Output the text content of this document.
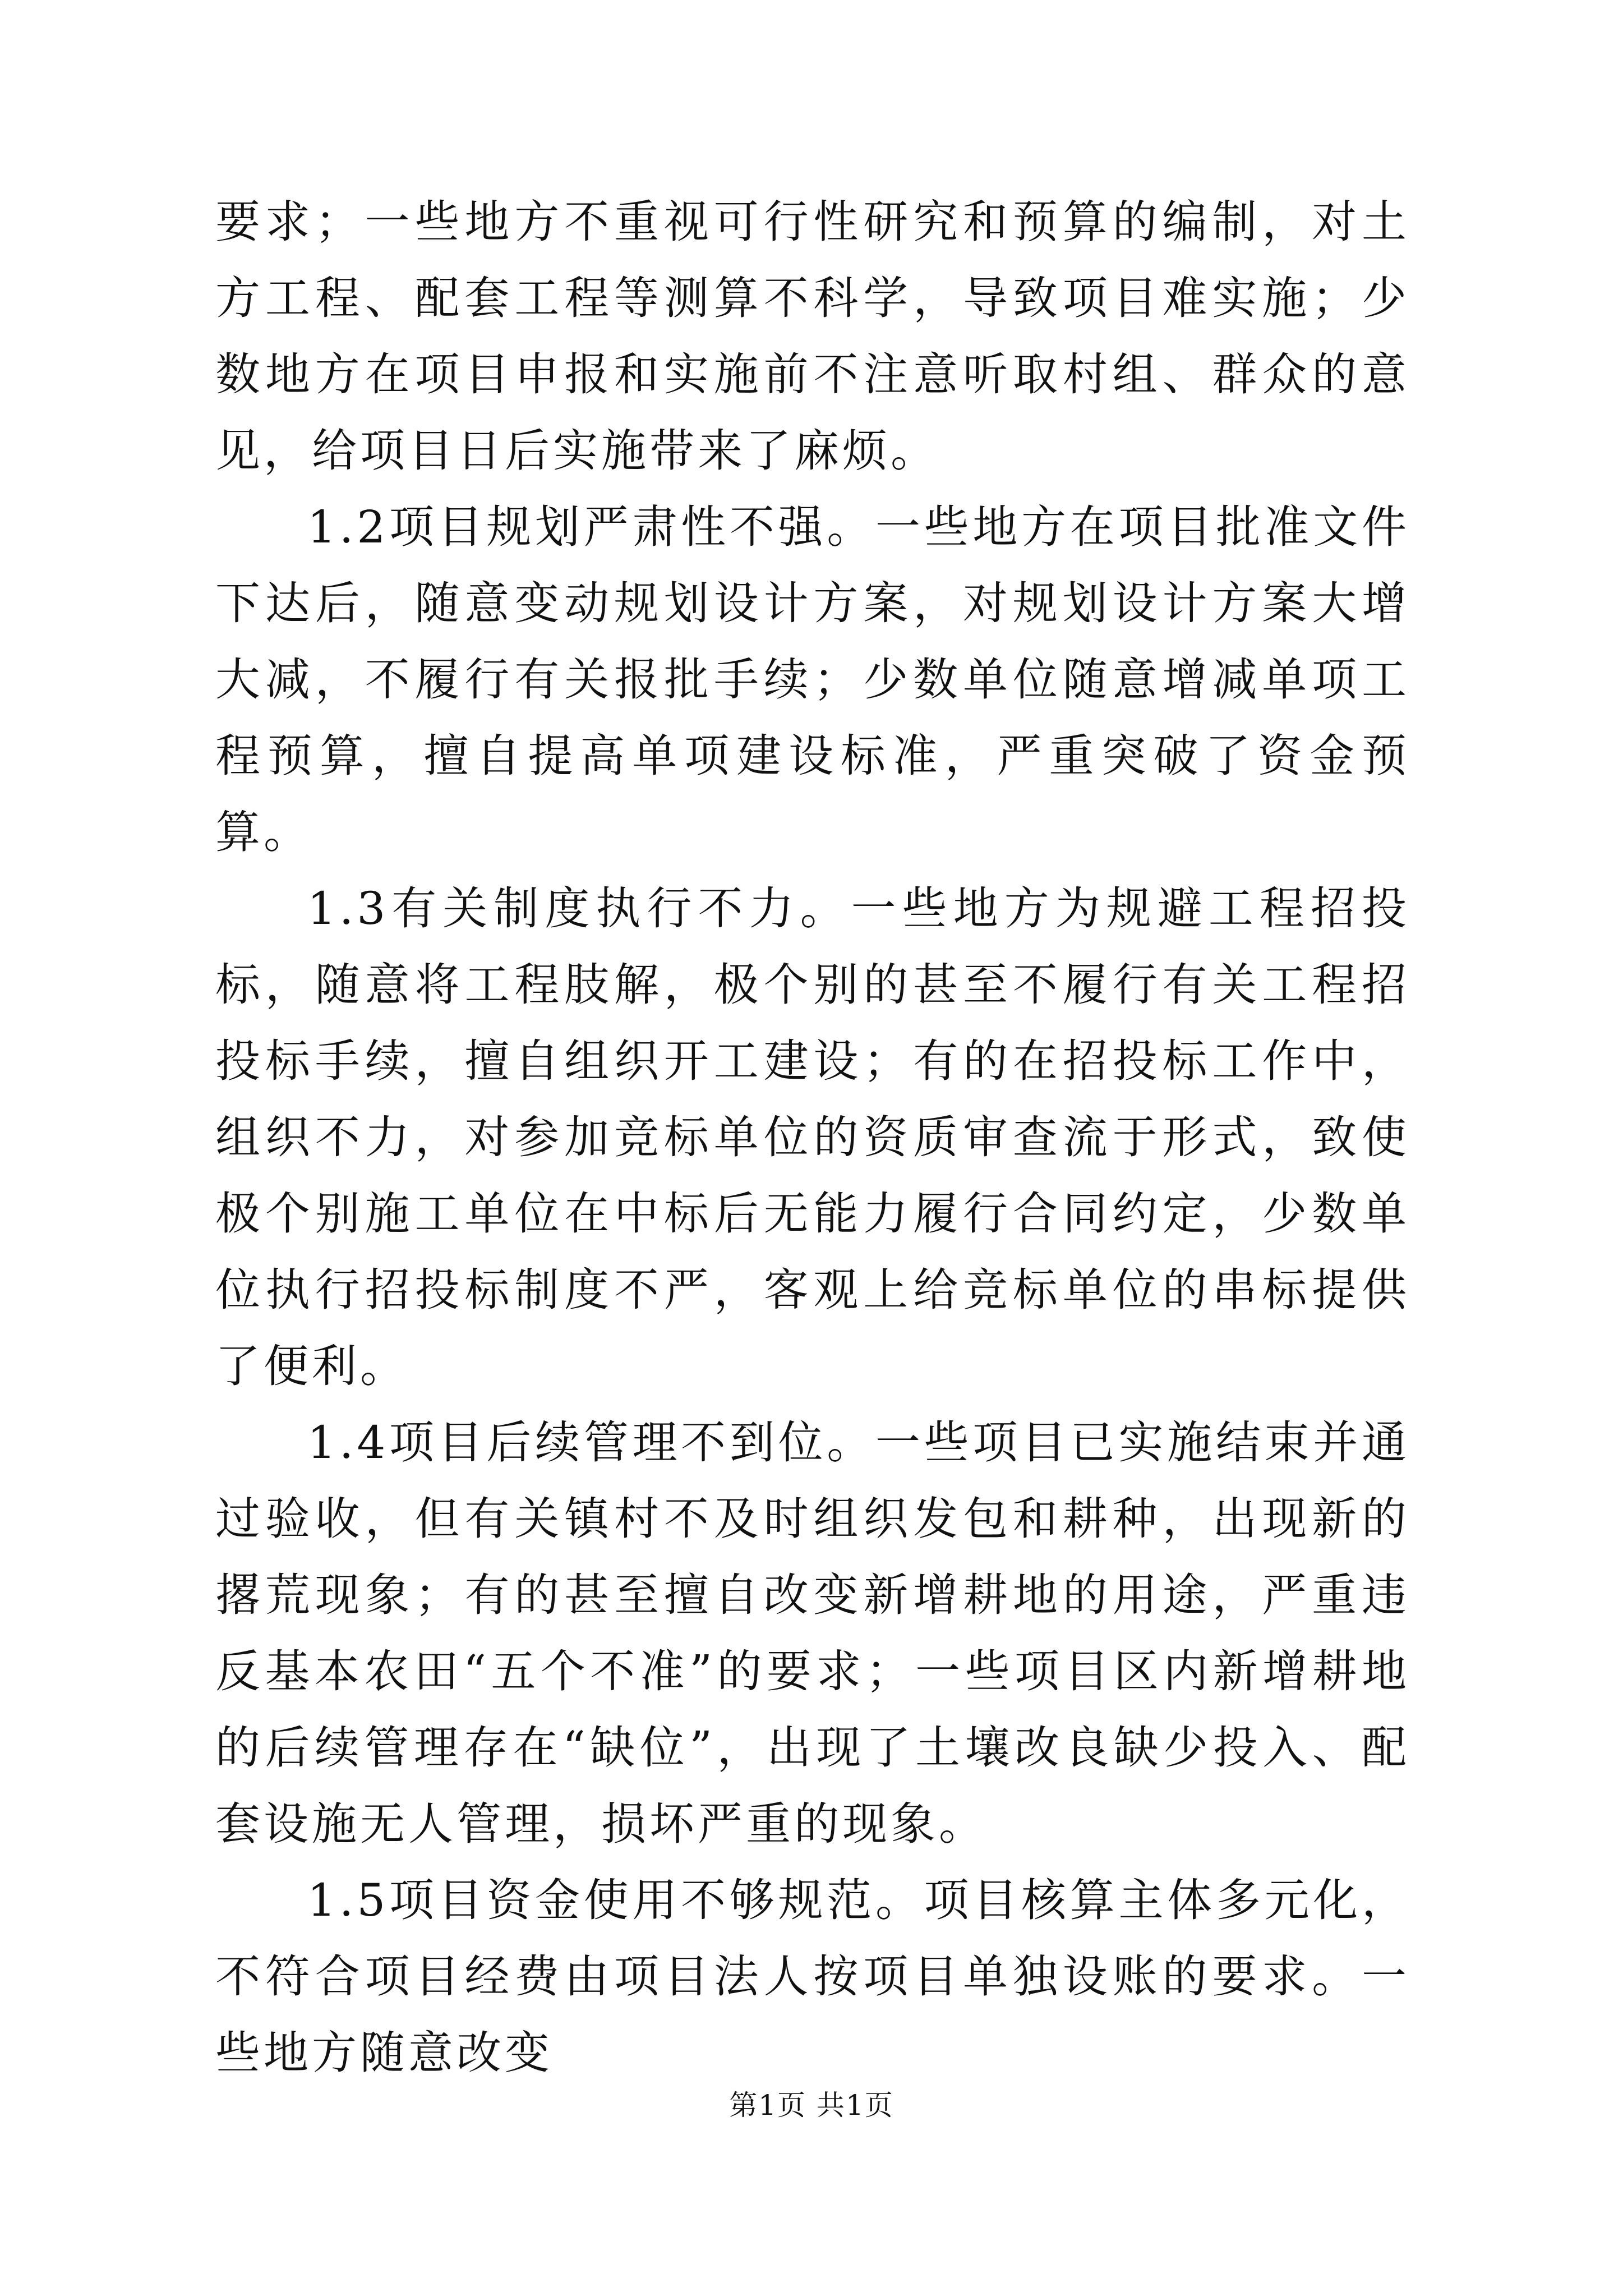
要求；一些地方不重视可行性研究和预算的编制，对土方工程、配套工程等测算不科学，导致项目难实施；少数地方在项目申报和实施前不注意听取村组、群众的意见，给项目日后实施带来了麻烦。

1.2项目规划严肃性不强。一些地方在项目批准文件下达后，随意变动规划设计方案，对规划设计方案大增大减，不履行有关报批手续；少数单位随意增减单项工程预算，擅自提高单项建设标准，严重突破了资金预算。

1.3有关制度执行不力。一些地方为规避工程招投标，随意将工程肢解，极个别的甚至不履行有关工程招投标手续，擅自组织开工建设；有的在招投标工作中，组织不力，对参加竞标单位的资质审查流于形式，致使极个别施工单位在中标后无能力履行合同约定，少数单位执行招投标制度不严，客观上给竞标单位的串标提供了便利。

1.4项目后续管理不到位。一些项目已实施结束并通过验收，但有关镇村不及时组织发包和耕种，出现新的撂荒现象；有的甚至擅自改变新增耕地的用途，严重违反基本农田“五个不准”的要求；一些项目区内新增耕地的后续管理存在“缺位”，出现了土壤改良缺少投入、配套设施无人管理，损坏严重的现象。

1.5项目资金使用不够规范。项目核算主体多元化，不符合项目经费由项目法人按项目单独设账的要求。一些地方随意改变

第1页 共1页
